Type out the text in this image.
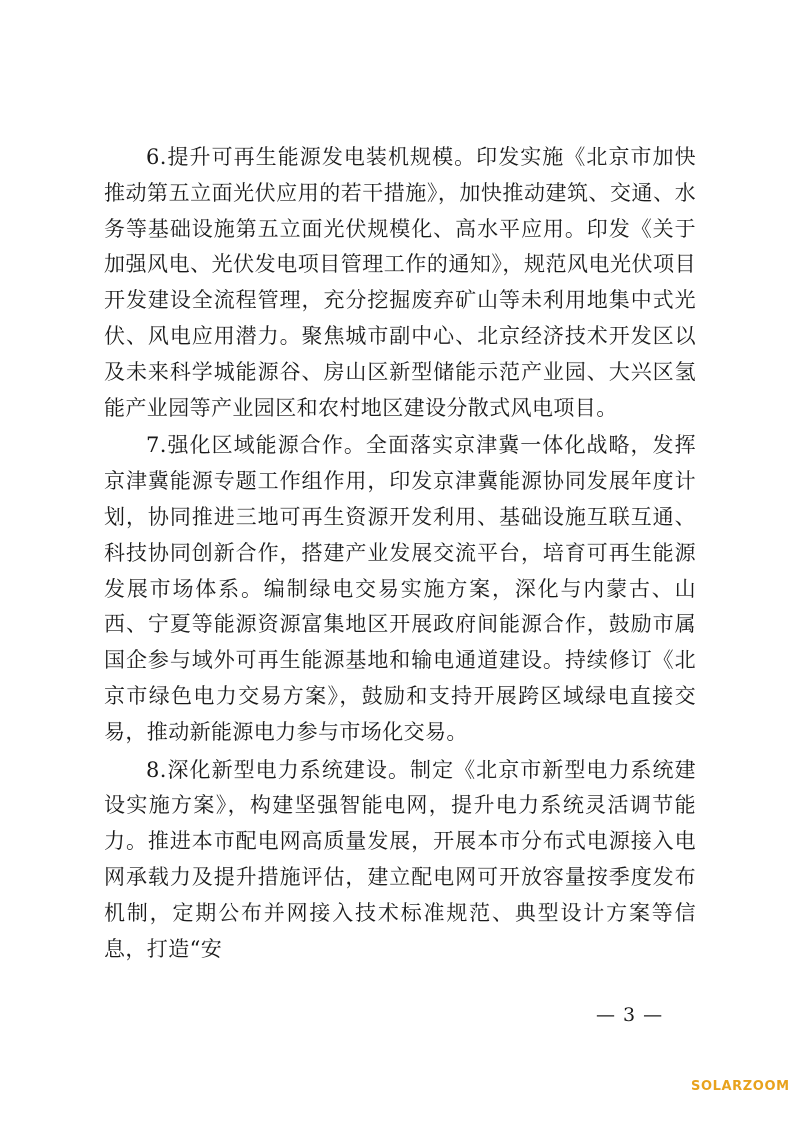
6.提升可再生能源发电装机规模。印发实施《北京市加快推动第五立面光伏应用的若干措施》，加快推动建筑、交通、水务等基础设施第五立面光伏规模化、高水平应用。印发《关于加强风电、光伏发电项目管理工作的通知》，规范风电光伏项目开发建设全流程管理，充分挖掘废弃矿山等未利用地集中式光伏、风电应用潜力。聚焦城市副中心、北京经济技术开发区以及未来科学城能源谷、房山区新型储能示范产业园、大兴区氢能产业园等产业园区和农村地区建设分散式风电项目。

7.强化区域能源合作。全面落实京津冀一体化战略，发挥京津冀能源专题工作组作用，印发京津冀能源协同发展年度计划，协同推进三地可再生资源开发利用、基础设施互联互通、科技协同创新合作，搭建产业发展交流平台，培育可再生能源发展市场体系。编制绿电交易实施方案，深化与内蒙古、山西、宁夏等能源资源富集地区开展政府间能源合作，鼓励市属国企参与域外可再生能源基地和输电通道建设。持续修订《北京市绿色电力交易方案》，鼓励和支持开展跨区域绿电直接交易，推动新能源电力参与市场化交易。

8.深化新型电力系统建设。制定《北京市新型电力系统建设实施方案》，构建坚强智能电网，提升电力系统灵活调节能力。推进本市配电网高质量发展，开展本市分布式电源接入电网承载力及提升措施评估，建立配电网可开放容量按季度发布机制，定期公布并网接入技术标准规范、典型设计方案等信息，打造“安

— 3 —
SOLARZOOM
